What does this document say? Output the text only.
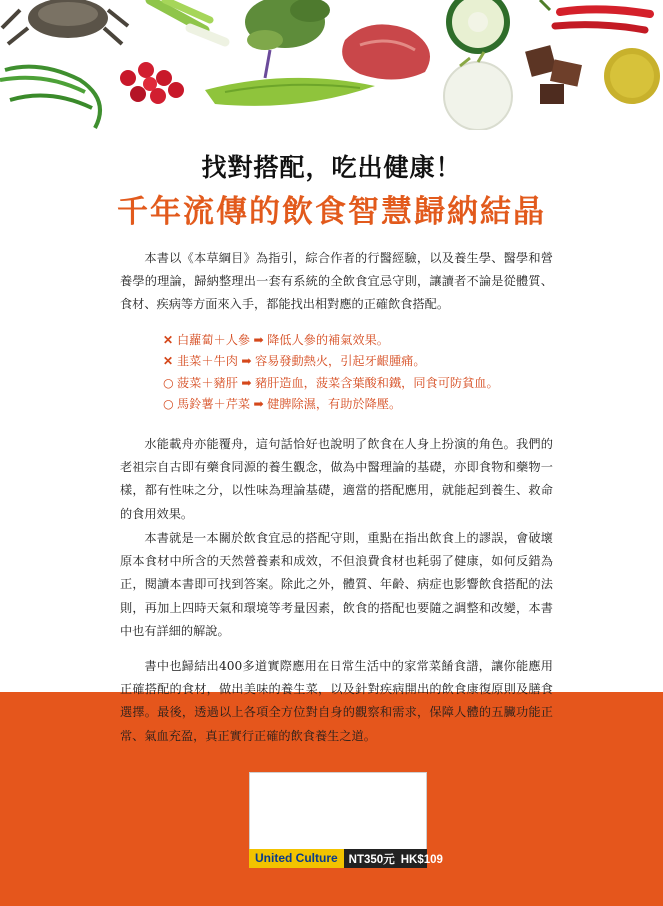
找對搭配，吃出健康！
千年流傳的飲食智慧歸納結晶

本書以《本草綱目》為指引，綜合作者的行醫經驗，以及養生學、醫學和營養學的理論，歸納整理出一套有系統的全飲食宜忌守則，讓讀者不論是從體質、食材、疾病等方面來入手，都能找出相對應的正確飲食搭配。

✕ 白蘿蔔＋人參 ➡ 降低人參的補氣效果。
✕ 韭菜＋牛肉 ➡ 容易發動熱火，引起牙齦腫痛。
○ 菠菜＋豬肝 ➡ 豬肝造血，菠菜含葉酸和鐵，同食可防貧血。
○ 馬鈴薯＋芹菜 ➡ 健脾除濕，有助於降壓。

水能載舟亦能覆舟，這句話恰好也說明了飲食在人身上扮演的角色。我們的老祖宗自古即有藥食同源的養生觀念，做為中醫理論的基礎，亦即食物和藥物一樣，都有性味之分，以性味為理論基礎，適當的搭配應用，就能起到養生、救命的食用效果。

本書就是一本關於飲食宜忌的搭配守則，重點在指出飲食上的謬誤，會破壞原本食材中所含的天然營養素和成效，不但浪費食材也耗弱了健康，如何反錯為正，閱讀本書即可找到答案。除此之外，體質、年齡、病症也影響飲食搭配的法則，再加上四時天氣和環境等考量因素，飲食的搭配也要隨之調整和改變，本書中也有詳細的解說。

書中也歸結出400多道實際應用在日常生活中的家常菜餚食譜，讓你能應用正確搭配的食材，做出美味的養生菜，以及針對疾病開出的飲食康復原則及膳食選擇。最後，透過以上各項全方位對自身的觀察和需求，保障人體的五臟功能正常、氣血充盈，真正實行正確的飲食養生之道。

United Culture NT350元 HK$109
